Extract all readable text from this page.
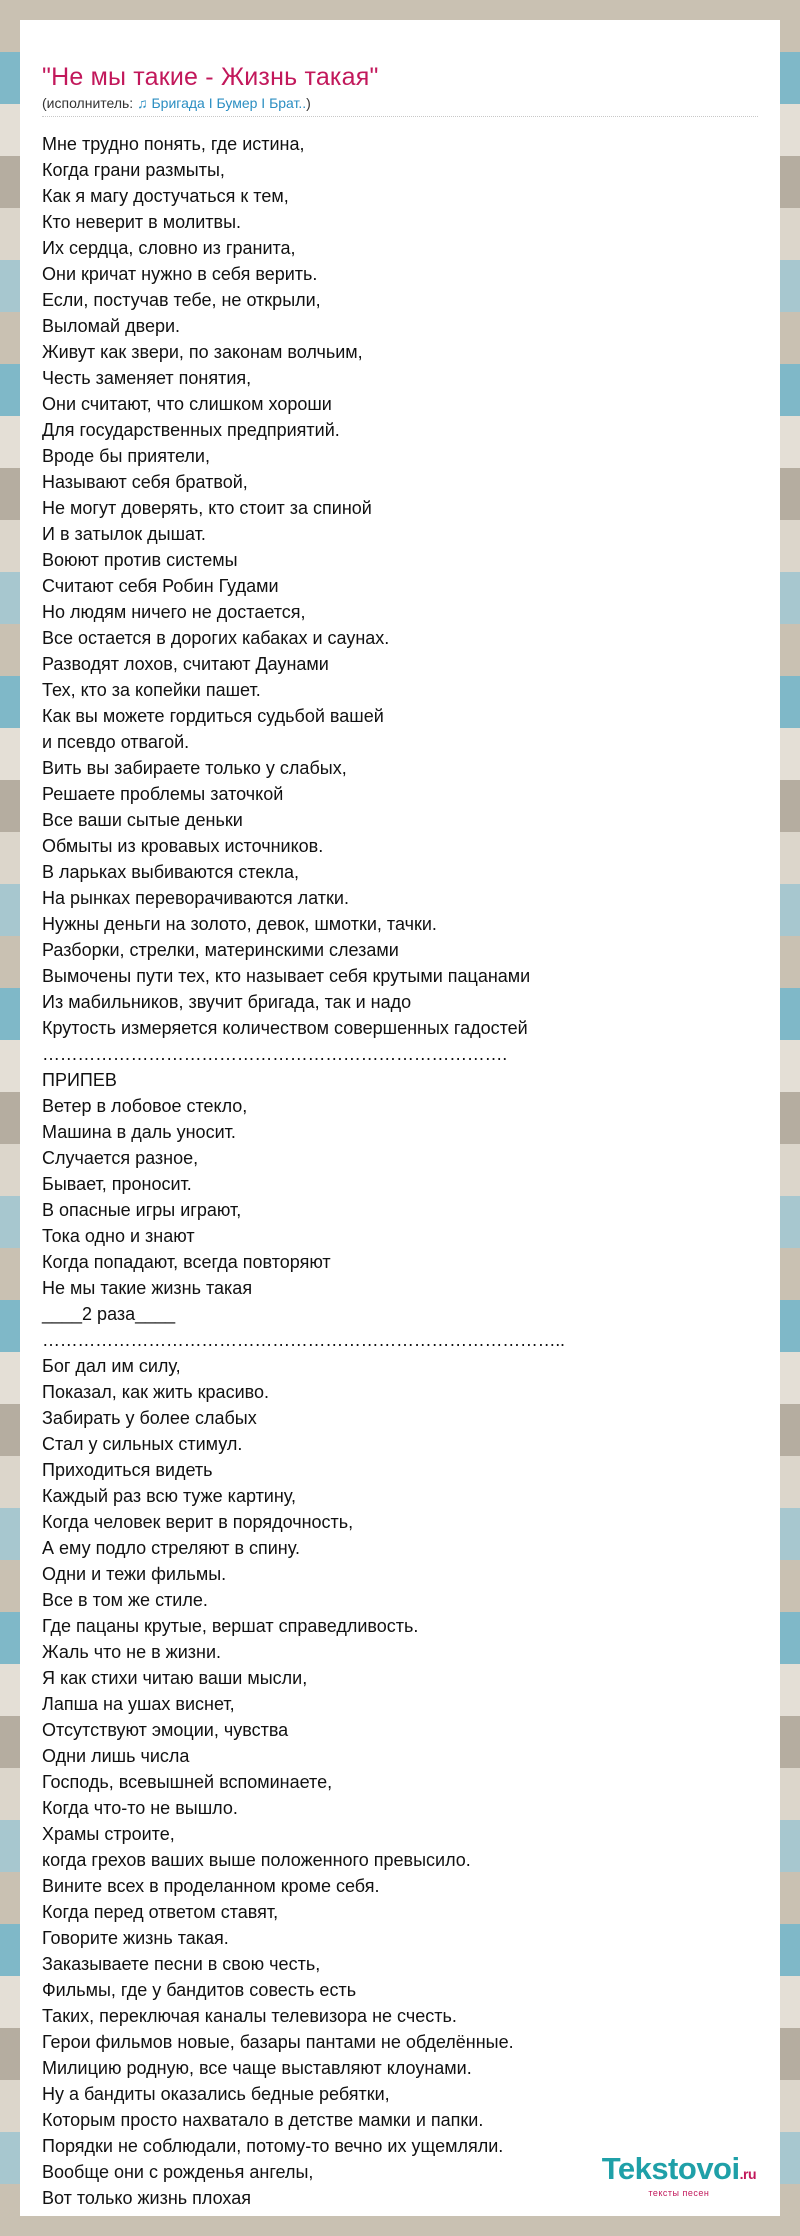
"Не мы такие - Жизнь такая"
(исполнитель: ♫ Бригада I Бумер I Брат..)
Мне трудно понять, где истина,
Когда грани размыты,
Как я магу достучаться к тем,
Кто неверит в молитвы.
Их сердца, словно из гранита,
Они кричат нужно в себя верить.
Если, постучав тебе, не открыли,
Выломай двери.
Живут как звери, по законам волчьим,
Честь заменяет понятия,
Они считают, что слишком хороши
Для государственных предприятий.
Вроде бы приятели,
Называют себя братвой,
Не могут доверять, кто стоит за спиной
И в затылок дышат.
Воюют против системы
Считают себя Робин Гудами
Но людям ничего не достается,
Все остается в дорогих кабаках и саунах.
Разводят лохов, считают Даунами
Тех, кто за копейки пашет.
Как вы можете гордиться судьбой вашей
и псевдо отвагой.
Вить вы забираете только у слабых,
Решаете проблемы заточкой
Все ваши сытые деньки
Обмыты из кровавых источников.
В ларьках выбиваются стекла,
На рынках переворачиваются латки.
Нужны деньги на золото, девок, шмотки, тачки.
Разборки, стрелки, материнскими слезами
Вымочены пути тех, кто называет себя крутыми пацанами
Из мабильников, звучит бригада, так и надо
Крутость измеряется количеством совершенных гадостей
…………………………………………………………………….
ПРИПЕВ
Ветер в лобовое стекло,
Машина в даль уносит.
Случается разное,
Бывает, проносит.
В опасные игры играют,
Тока одно и знают
Когда попадают, всегда повторяют
Не мы такие жизнь такая
____2 раза____
……………………………………………………………………………..
Бог дал им силу,
Показал, как жить красиво.
Забирать у более слабых
Стал у сильных стимул.
Приходиться видеть
Каждый раз всю туже картину,
Когда человек верит в порядочность,
А ему подло стреляют в спину.
Одни и тежи фильмы.
Все в том же стиле.
Где пацаны крутые, вершат справедливость.
Жаль что не в жизни.
Я как стихи читаю ваши мысли,
Лапша на ушах виснет,
Отсутствуют эмоции, чувства
Одни лишь числа
Господь, всевышней вспоминаете,
Когда что-то не вышло.
Храмы строите,
когда грехов ваших выше положенного превысило.
Вините всех в проделанном кроме себя.
Когда перед ответом ставят,
Говорите жизнь такая.
Заказываете песни в свою честь,
Фильмы, где у бандитов совесть есть
Таких, переключая каналы телевизора не счесть.
Герои фильмов новые, базары пантами не обделённые.
Милицию родную, все чаще выставляют клоунами.
Ну а бандиты оказались бедные ребятки,
Которым просто нахватало в детстве мамки и папки.
Порядки не соблюдали, потому-то вечно их ущемляли.
Вообще они с рожденья ангелы,
Вот только жизнь плохая
Tekstovoi.ru
тексты песен
